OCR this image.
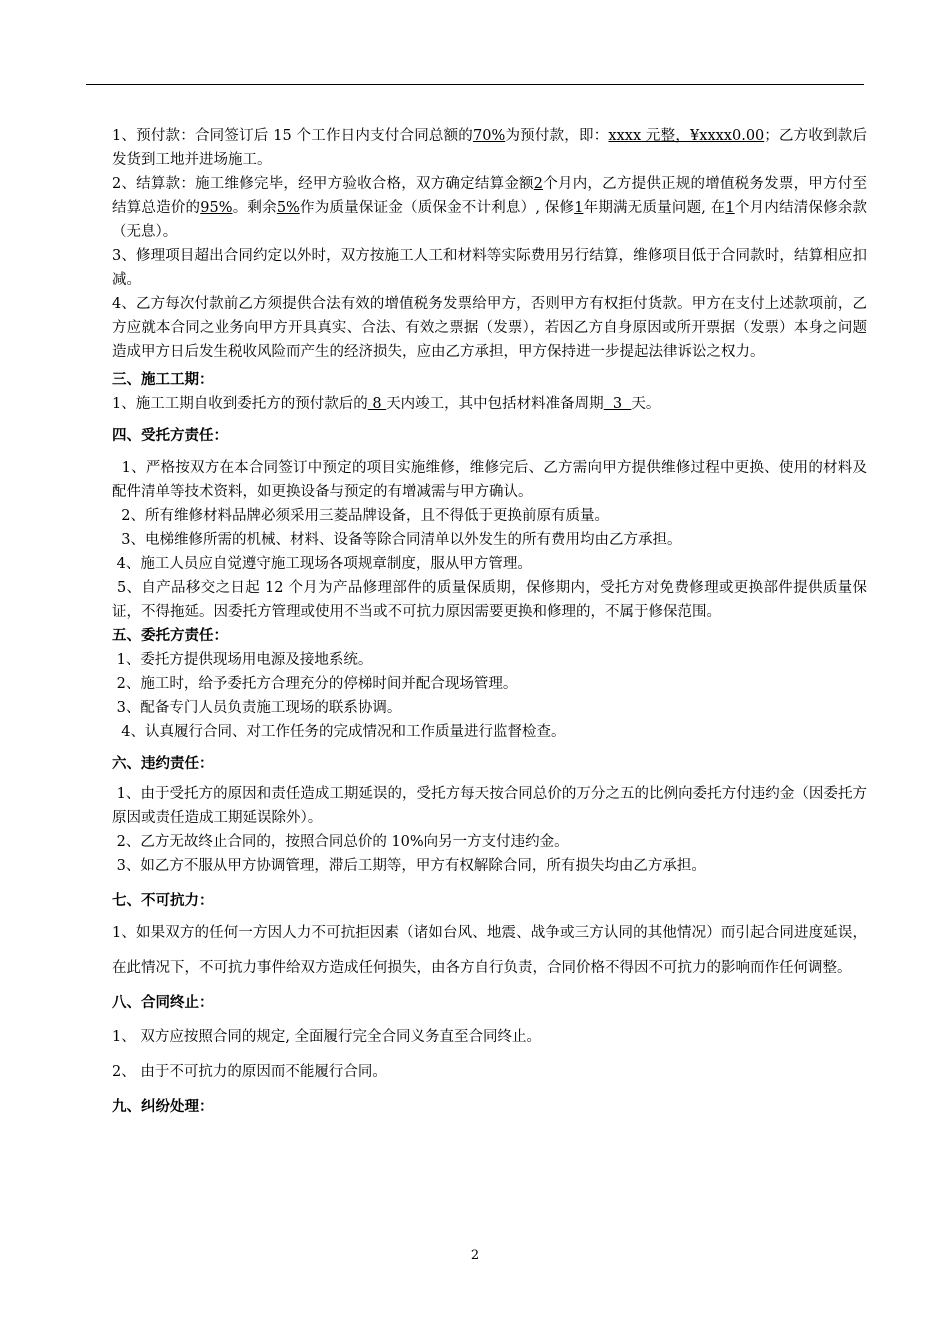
1、预付款：合同签订后 15 个工作日内支付合同总额的70%为预付款，即：xxxx 元整，¥xxxx0.00；乙方收到款后发货到工地并进场施工。

2、结算款：施工维修完毕，经甲方验收合格，双方确定结算金额2个月内，乙方提供正规的增值税务发票，甲方付至结算总造价的95%。剩余5%作为质量保证金（质保金不计利息）, 保修1年期满无质量问题, 在1个月内结清保修余款（无息）。

3、修理项目超出合同约定以外时，双方按施工人工和材料等实际费用另行结算，维修项目低于合同款时，结算相应扣减。

4、乙方每次付款前乙方须提供合法有效的增值税务发票给甲方，否则甲方有权拒付货款。甲方在支付上述款项前，乙方应就本合同之业务向甲方开具真实、合法、有效之票据（发票），若因乙方自身原因或所开票据（发票）本身之问题造成甲方日后发生税收风险而产生的经济损失，应由乙方承担，甲方保持进一步提起法律诉讼之权力。

三、施工工期：

1、施工工期自收到委托方的预付款后的 8 天内竣工，其中包括材料准备周期  3  天。

四、受托方责任：

1、严格按双方在本合同签订中预定的项目实施维修，维修完后、乙方需向甲方提供维修过程中更换、使用的材料及配件清单等技术资料，如更换设备与预定的有增减需与甲方确认。

2、所有维修材料品牌必须采用三菱品牌设备，且不得低于更换前原有质量。

3、电梯维修所需的机械、材料、设备等除合同清单以外发生的所有费用均由乙方承担。

4、施工人员应自觉遵守施工现场各项规章制度，服从甲方管理。

5、自产品移交之日起 12 个月为产品修理部件的质量保质期，保修期内，受托方对免费修理或更换部件提供质量保证，不得拖延。因委托方管理或使用不当或不可抗力原因需要更换和修理的，不属于修保范围。

五、委托方责任：

1、委托方提供现场用电源及接地系统。

2、施工时，给予委托方合理充分的停梯时间并配合现场管理。

3、配备专门人员负责施工现场的联系协调。

4、认真履行合同、对工作任务的完成情况和工作质量进行监督检查。

六、违约责任：

1、由于受托方的原因和责任造成工期延误的，受托方每天按合同总价的万分之五的比例向委托方付违约金（因委托方原因或责任造成工期延误除外）。

2、乙方无故终止合同的，按照合同总价的 10%向另一方支付违约金。

3、如乙方不服从甲方协调管理，滞后工期等，甲方有权解除合同，所有损失均由乙方承担。

七、不可抗力：

1、如果双方的任何一方因人力不可抗拒因素（诸如台风、地震、战争或三方认同的其他情况）而引起合同进度延误，在此情况下，不可抗力事件给双方造成任何损失，由各方自行负责，合同价格不得因不可抗力的影响而作任何调整。

八、合同终止：

1、 双方应按照合同的规定, 全面履行完全合同义务直至合同终止。

2、 由于不可抗力的原因而不能履行合同。

九、纠纷处理：

2
